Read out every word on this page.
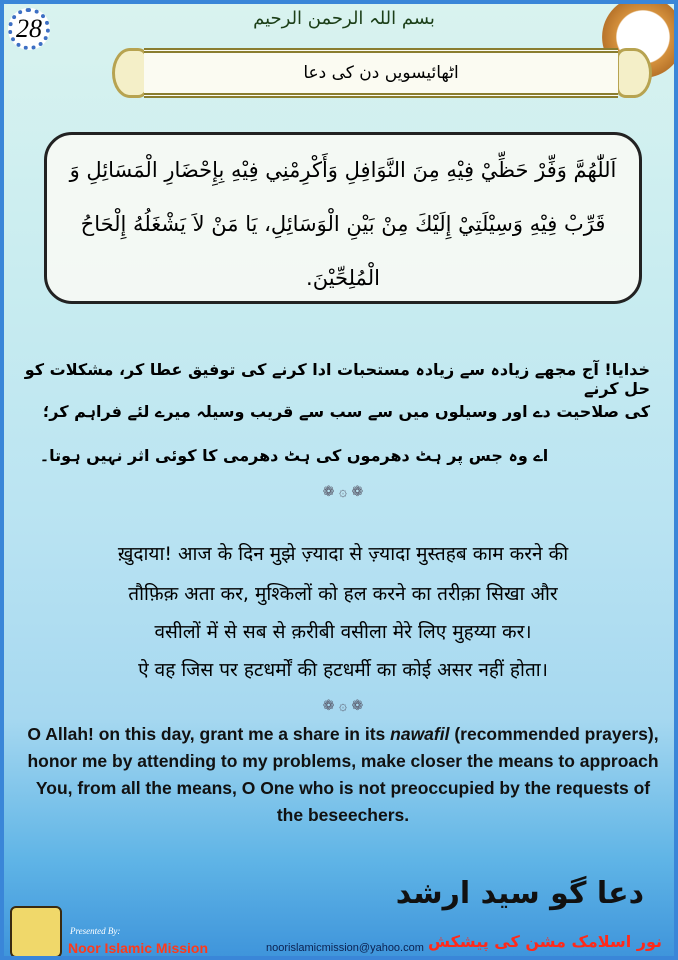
28	بسم اللہ الرحمن الرحیم
اٹھائیسویں دن کی دعا
اَللّٰهُمَّ وَفِّرْ حَظِّيْ فِيْهِ مِنَ النَّوَافِلِ وَأَكْرِمْنِي فِيْهِ بِإِحْضَارِ الْمَسَائِلِ وَ قَرِّبْ فِيْهِ وَسِيْلَتِيْ إِلَيْكَ مِنْ بَيْنِ الْوَسَائِلِ، يَا مَنْ لاَ يَشْغَلُهُ إِلْحَاحُ الْمُلِحِّيْنَ.
خدایا! آج مجھے زیادہ سے زیادہ مستحبات ادا کرنے کی توفیق عطا کر، مشکلات کو حل کرنے
کی صلاحیت دے اور وسیلوں میں سے سب سے قریب وسیلہ میرے لئے فراہم کر؛
اے وہ جس پر ہٹ دھرموں کی ہٹ دھرمی کا کوئی اثر نہیں ہوتا۔
❁ ۞ ❁
ख़ुदाया! आज के दिन मुझे ज़्यादा से ज़्यादा मुस्तहब काम करने की
तौफ़िक़ अता कर, मुश्किलों को हल करने का तरीक़ा सिखा और
वसीलों में से सब से क़रीबी वसीला मेरे लिए मुहय्या कर।
ऐ वह जिस पर हटधर्मों की हटधर्मी का कोई असर नहीं होता।
❁ ۞ ❁
O Allah! on this day, grant me a share in its nawafil (recommended prayers), honor me by attending to my problems, make closer the means to approach You, from all the means, O One who is not preoccupied by the requests of the beseechers.
دعا گو سید ارشد
Presented By:
Noor Islamic Mission	noorislamicmission@yahoo.com نور اسلامک مشن کی پیشکش
